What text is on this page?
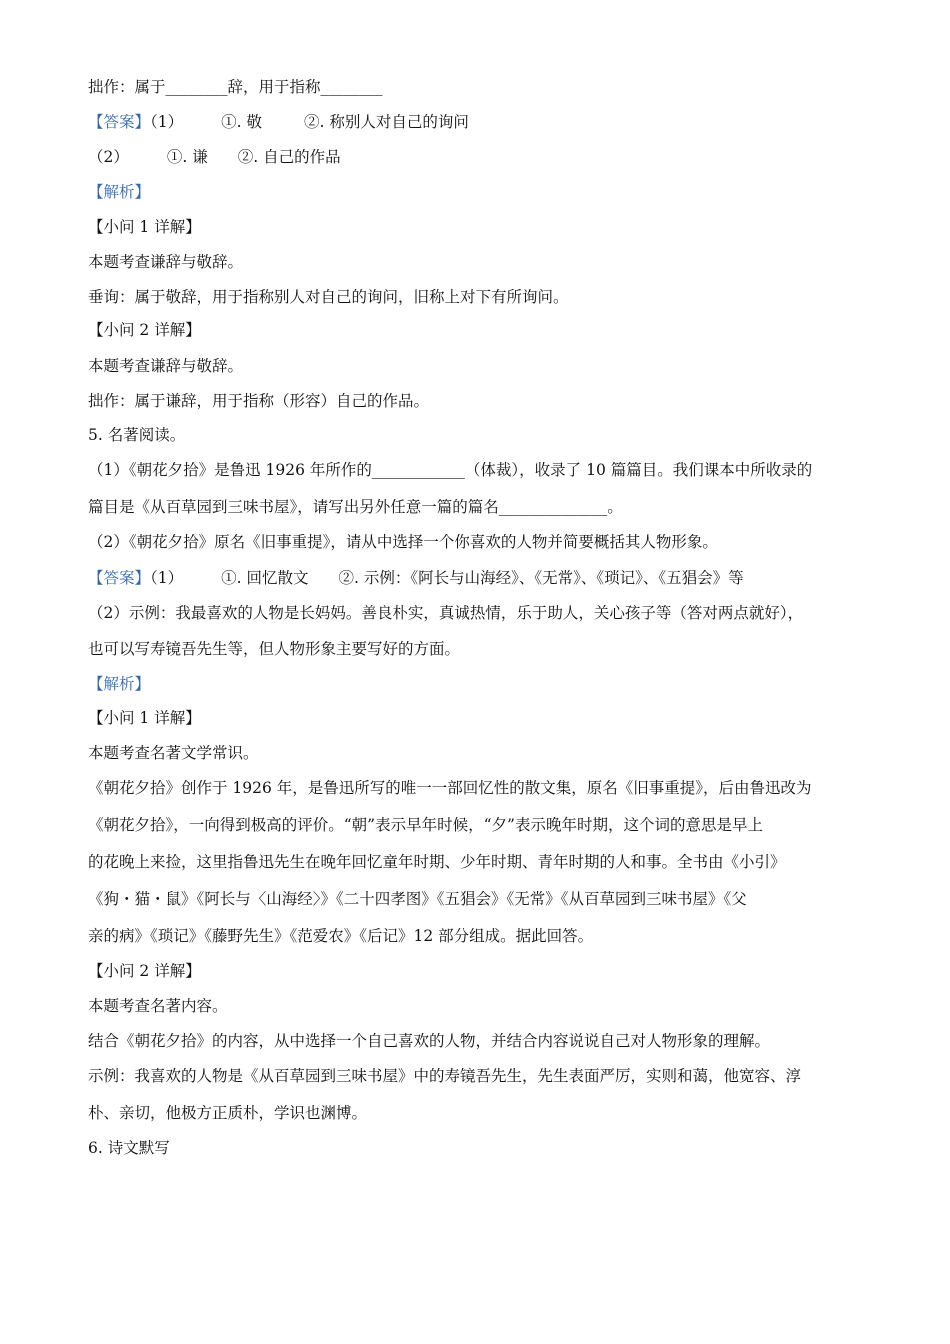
拙作：属于________辞，用于指称________
【答案】（1） ①. 敬	②. 称别人对自己的询问
（2） ①. 谦 ②. 自己的作品
【解析】
【小问 1 详解】
本题考查谦辞与敬辞。
垂询：属于敬辞，用于指称别人对自己的询问，旧称上对下有所询问。
【小问 2 详解】
本题考查谦辞与敬辞。
拙作：属于谦辞，用于指称（形容）自己的作品。
5. 名著阅读。
（1）《朝花夕拾》是鲁迅 1926 年所作的____________（体裁），收录了 10 篇篇目。我们课本中所收录的
篇目是《从百草园到三味书屋》，请写出另外任意一篇的篇名______________。
（2）《朝花夕拾》原名《旧事重提》，请从中选择一个你喜欢的人物并简要概括其人物形象。
【答案】（1） ①. 回忆散文 ②. 示例：《阿长与山海经》、《无常》、《琐记》、《五猖会》等
（2）示例：我最喜欢的人物是长妈妈。善良朴实，真诚热情，乐于助人，关心孩子等（答对两点就好），
也可以写寿镜吾先生等，但人物形象主要写好的方面。
【解析】
【小问 1 详解】
本题考查名著文学常识。
《朝花夕拾》创作于 1926 年，是鲁迅所写的唯一一部回忆性的散文集，原名《旧事重提》，后由鲁迅改为
《朝花夕拾》，一向得到极高的评价。“朝”表示早年时候，“夕”表示晚年时期，这个词的意思是早上
的花晚上来捡，这里指鲁迅先生在晚年回忆童年时期、少年时期、青年时期的人和事。全书由《小引》
《狗・猫・鼠》《阿长与〈山海经〉》《二十四孝图》《五猖会》《无常》《从百草园到三味书屋》《父
亲的病》《琐记》《藤野先生》《范爱农》《后记》12 部分组成。据此回答。
【小问 2 详解】
本题考查名著内容。
结合《朝花夕拾》的内容，从中选择一个自己喜欢的人物，并结合内容说说自己对人物形象的理解。
示例：我喜欢的人物是《从百草园到三味书屋》中的寿镜吾先生，先生表面严厉，实则和蔼，他宽容、淳
朴、亲切，他极方正质朴，学识也渊博。
6. 诗文默写
